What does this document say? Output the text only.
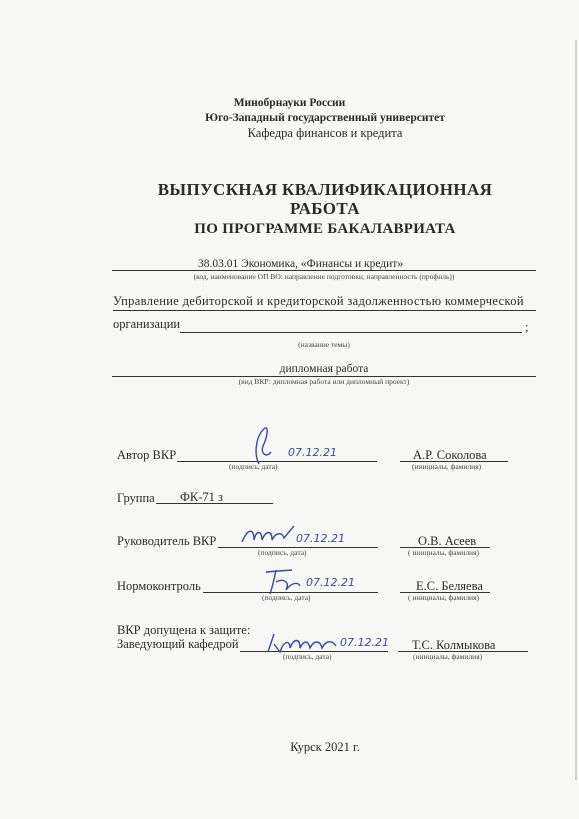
Минобрнауки России
Юго-Западный государственный университет
Кафедра финансов и кредита
ВЫПУСКНАЯ КВАЛИФИКАЦИОННАЯ
РАБОТА
ПО ПРОГРАММЕ БАКАЛАВРИАТА
38.03.01 Экономика, «Финансы и кредит»
(код, наименование ОП ВО: направление подготовки, направленность (профиль))
Управление дебиторской и кредиторской задолженностью коммерческой
организации	;
(название темы)
дипломная работа
(вид ВКР: дипломная работа или дипломный проект)
Автор ВКР	07.12.21
(подпись, дата)
А.Р. Соколова
(инициалы, фамилия)
Группа ФК-71 з
Руководитель ВКР	07.12.21
(подпись, дата)
О.В. Асеев
( инициалы, фамилия)
Нормоконтроль	07.12.21
(подпись, дата)
Е.С. Беляева
( инициалы, фамилия)
ВКР допущена к защите:
Заведующий кафедрой	07.12.21
(подпись, дата)
Т.С. Колмыкова
(инициалы, фамилия)
Курск 2021 г.
